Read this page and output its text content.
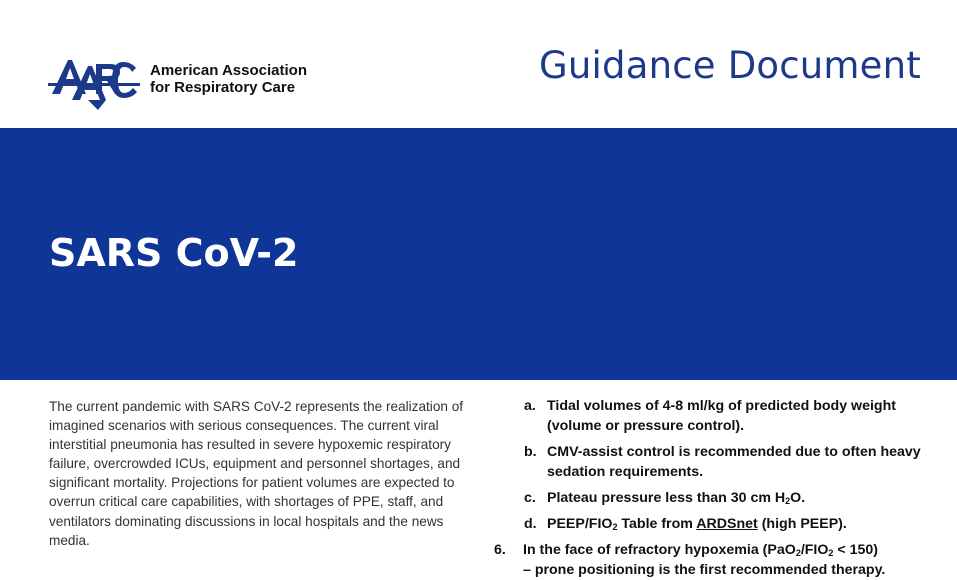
American Association
for Respiratory Care
Guidance Document
SARS CoV-2
The current pandemic with SARS CoV-2 represents the realization of imagined scenarios with serious consequences. The current viral interstitial pneumonia has resulted in severe hypoxemic respiratory failure, overcrowded ICUs, equipment and personnel shortages, and significant mortality. Projections for patient volumes are expected to overrun critical care capabilities, with shortages of PPE, staff, and ventilators dominating discussions in local hospitals and the news media.
a. Tidal volumes of 4-8 ml/kg of predicted body weight (volume or pressure control).
b. CMV-assist control is recommended due to often heavy sedation requirements.
c. Plateau pressure less than 30 cm $H_2O$.
d. PEEP/$FIO_2$ Table from ARDSnet (high PEEP).
6. In the face of refractory hypoxemia $(PaO_2/FIO_2 < 150)$
– prone positioning is the first recommended therapy.
